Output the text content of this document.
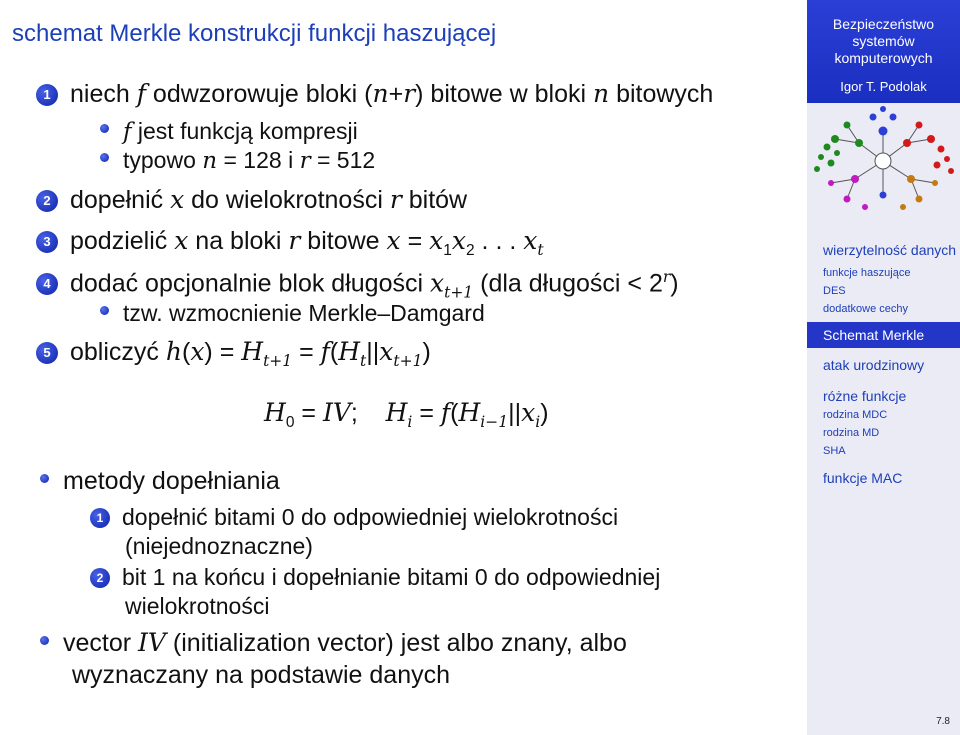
schemat Merkle konstrukcji funkcji haszującej
1 niech f odwzorowuje bloki (n+r) bitowe w bloki n bitowych
f jest funkcją kompresji
typowo n = 128 i r = 512
2 dopełnić x do wielokrotności r bitów
3 podzielić x na bloki r bitowe $x = x_1x_2$ . . . $x_t$
4 dodać opcjonalnie blok długości $x_{t+1}$ (dla długości < $2^r$)
tzw. wzmocnienie Merkle–Damgard
5 obliczyć $h(x) = H_{t+1} = f(H_t||x_{t+1})$
$H_0$ = IV;    $H_i = f(H_{i-1}||x_i)$
metody dopełniania
1 dopełnić bitami 0 do odpowiedniej wielokrotności
(niejednoznaczne)
2 bit 1 na końcu i dopełnianie bitami 0 do odpowiedniej
wielokrotności
vector IV (initialization vector) jest albo znany, albo
wyznaczany na podstawie danych
Bezpieczeństwo
systemów
komputerowych
Igor T. Podolak
wierzytelność danych
funkcje haszujące
DES
dodatkowe cechy
Schemat Merkle
atak urodzinowy
różne funkcje
rodzina MDC
rodzina MD
SHA
funkcje MAC
7.8
